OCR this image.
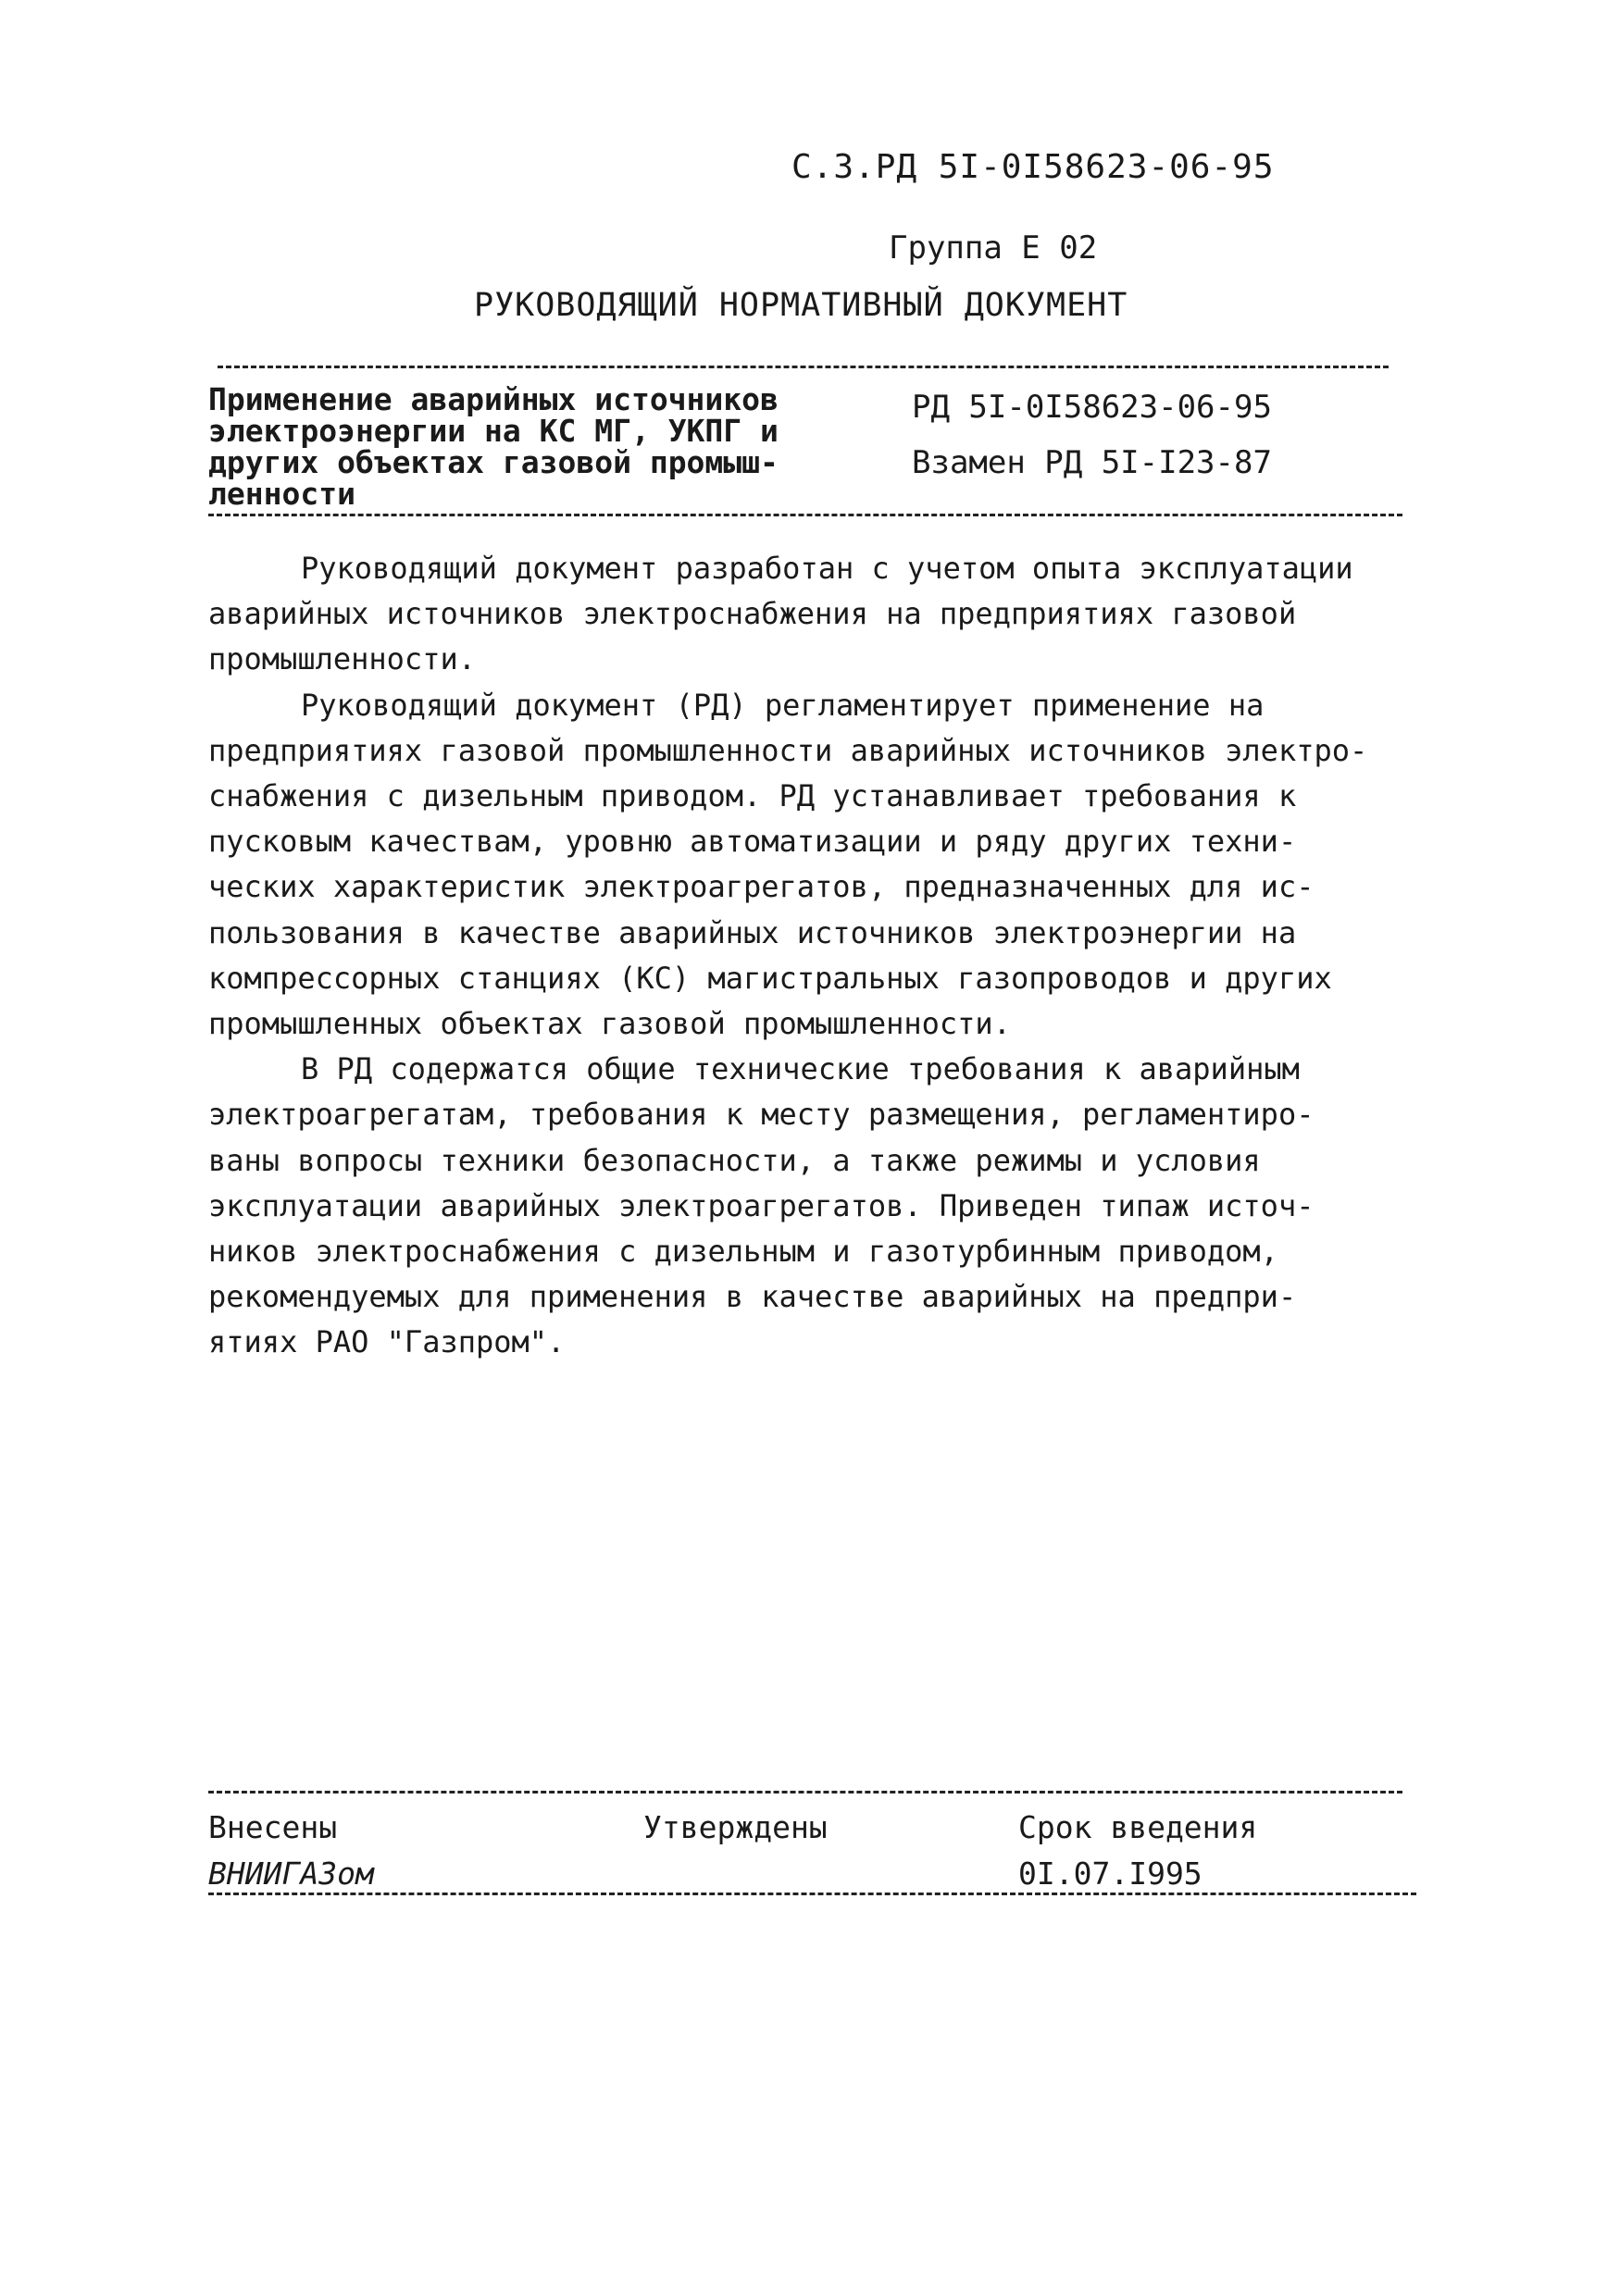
С.3.РД 5I-0I58623-06-95
Группа Е 02
РУКОВОДЯЩИЙ НОРМАТИВНЫЙ ДОКУМЕНТ
Применение аварийных источников
электроэнергии на КС МГ, УКПГ и
других объектах газовой промыш-
ленности
РД 5I-0I58623-06-95
Взамен РД 5I-I23-87
Руководящий документ разработан с учетом опыта эксплуатации
аварийных источников электроснабжения на предприятиях газовой
промышленности.
Руководящий документ (РД) регламентирует применение на
предприятиях газовой промышленности аварийных источников электро-
снабжения с дизельным приводом. РД устанавливает требования к
пусковым качествам, уровню автоматизации и ряду других техни-
ческих характеристик электроагрегатов, предназначенных для ис-
пользования в качестве аварийных источников электроэнергии на
компрессорных станциях (КС) магистральных газопроводов и других
промышленных объектах газовой промышленности.
В РД содержатся общие технические требования к аварийным
электроагрегатам, требования к месту размещения, регламентиро-
ваны вопросы техники безопасности, а также режимы и условия
эксплуатации аварийных электроагрегатов. Приведен типаж источ-
ников электроснабжения с дизельным и газотурбинным приводом,
рекомендуемых для применения в качестве аварийных на предпри-
ятиях РАО "Газпром".
Внесены
ВНИИГАЗом
Утверждены	Срок введения
0I.07.I995
